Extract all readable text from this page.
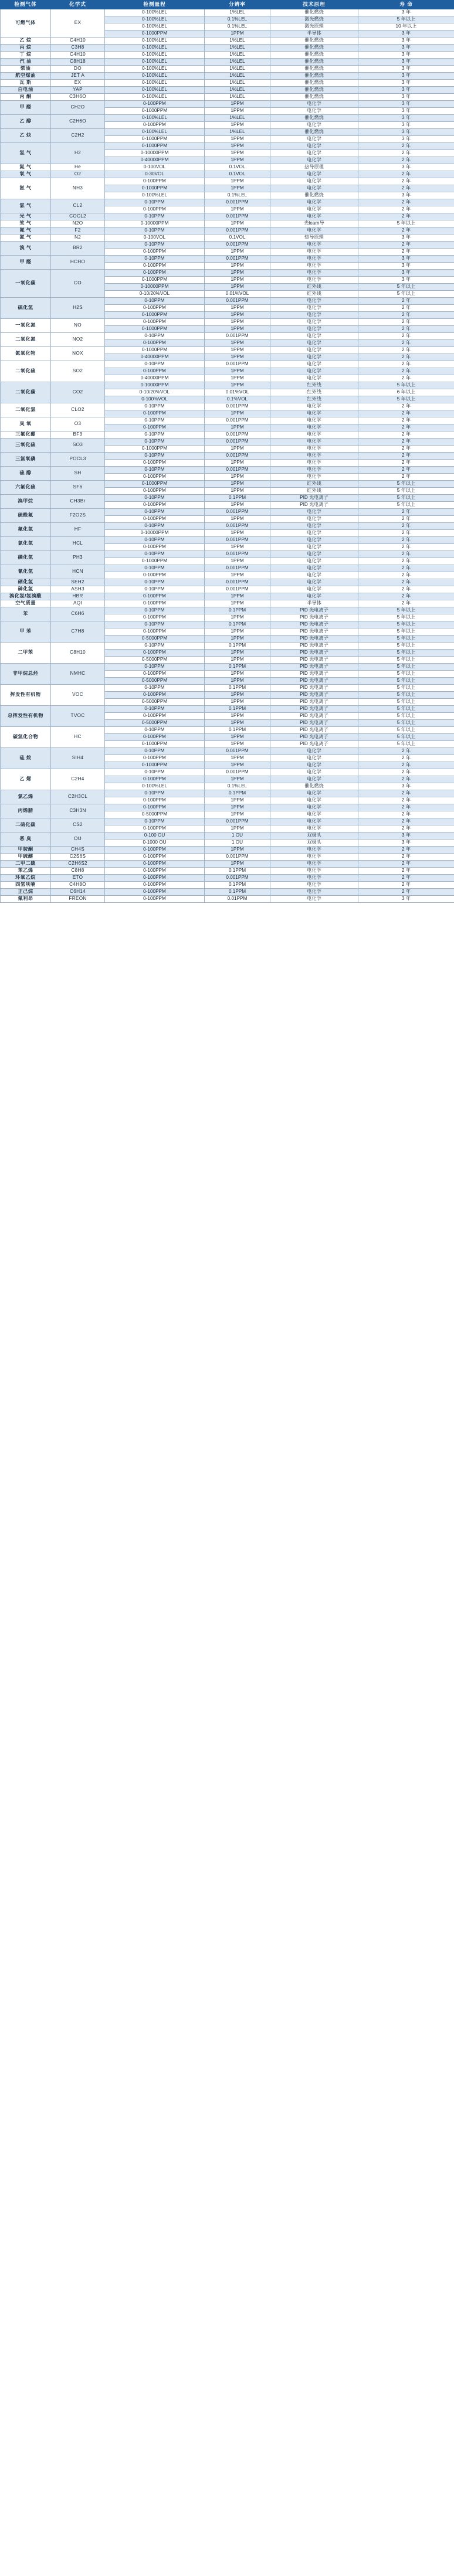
检测气体	化学式	检测量程	分辨率	技术原理	寿 命
可燃气体	EX	0-100%LEL	1%LEL	催化燃烧	3 年
		0-100%LEL	0.1%LEL	激光燃烧	5 年以上
		0-100%LEL	0.1%LEL	激光原理	10 年以上
		0-1000PPM	1PPM	半导体	3 年
乙 烷	C4H10	0-100%LEL	1%LEL	催化燃烧	3 年
丙 烷	C3H8	0-100%LEL	1%LEL	催化燃烧	3 年
丁 烷	C4H10	0-100%LEL	1%LEL	催化燃烧	3 年
汽 油	C8H18	0-100%LEL	1%LEL	催化燃烧	3 年
柴油	DO	0-100%LEL	1%LEL	催化燃烧	3 年
航空煤油	JET A	0-100%LEL	1%LEL	催化燃烧	3 年
瓦 斯	EX	0-100%LEL	1%LEL	催化燃烧	3 年
白电油	YAP	0-100%LEL	1%LEL	催化燃烧	3 年
丙 酮	C3H6O	0-100%LEL	1%LEL	催化燃烧	3 年
甲 醛	CH2O	0-100PPM	1PPM	电化学	3 年
		0-1000PPM	1PPM	电化学	3 年
乙 醇	C2H6O	0-100%LEL	1%LEL	催化燃烧	3 年
		0-100PPM	1PPM	电化学	3 年
乙 炔	C2H2	0-100%LEL	1%LEL	催化燃烧	3 年
		0-1000PPM	1PPM	电化学	3 年
氢 气	H2	0-1000PPM	1PPM	电化学	2 年
		0-10000PPM	1PPM	电化学	2 年
		0-40000PPM	1PPM	电化学	2 年
氦 气	He	0-100VOL	0.1VOL	热导原理	3 年
氧 气	O2	0-30VOL	0.1VOL	电化学	2 年
氨 气	NH3	0-100PPM	1PPM	电化学	2 年
		0-1000PPM	1PPM	电化学	2 年
		0-100%LEL	0.1%LEL	催化燃烧	3 年
氯 气	CL2	0-10PPM	0.001PPM	电化学	2 年
		0-100PPM	1PPM	电化学	2 年
光 气	COCL2	0-10PPM	0.001PPM	电化学	2 年
笑 气	N2O	0-10000PPM	1PPM	光learn导	5 年以上
氟 气	F2	0-10PPM	0.001PPM	电化学	2 年
氮 气	N2	0-100VOL	0.1VOL	热导原理	3 年
溴 气	BR2	0-10PPM	0.001PPM	电化学	2 年
		0-100PPM	1PPM	电化学	2 年
甲 醛	HCHO	0-10PPM	0.001PPM	电化学	3 年
		0-100PPM	1PPM	电化学	3 年
一氧化碳	CO	0-100PPM	1PPM	电化学	3 年
		0-1000PPM	1PPM	电化学	3 年
		0-10000PPM	1PPM	红外线	5 年以上
		0-10/20%VOL	0.01%VOL	红外线	5 年以上
硫化氢	H2S	0-10PPM	0.001PPM	电化学	2 年
		0-100PPM	1PPM	电化学	2 年
		0-1000PPM	1PPM	电化学	2 年
一氧化氮	NO	0-100PPM	1PPM	电化学	2 年
		0-1000PPM	1PPM	电化学	2 年
二氧化氮	NO2	0-10PPM	0.001PPM	电化学	2 年
		0-100PPM	1PPM	电化学	2 年
氮氧化物	NOX	0-1000PPM	1PPM	电化学	2 年
		0-40000PPM	1PPM	电化学	2 年
二氧化硫	SO2	0-10PPM	0.001PPM	电化学	2 年
		0-100PPM	1PPM	电化学	2 年
		0-40000PPM	1PPM	电化学	2 年
二氧化碳	CO2	0-10000PPM	1PPM	红外线	5 年以上
		0-10/20%VOL	0.01%VOL	红外线	6 年以上
		0-100%VOL	0.1%VOL	红外线	5 年以上
二氧化氯	CLO2	0-10PPM	0.001PPM	电化学	2 年
		0-100PPM	1PPM	电化学	2 年
臭 氧	O3	0-10PPM	0.001PPM	电化学	2 年
		0-100PPM	1PPM	电化学	2 年
三氟化硼	BF3	0-10PPM	0.001PPM	电化学	2 年
三氧化硫	SO3	0-10PPM	0.001PPM	电化学	2 年
		0-1000PPM	1PPM	电化学	2 年
三氯氧磷	POCL3	0-10PPM	0.001PPM	电化学	2 年
		0-100PPM	1PPM	电化学	2 年
硫 醇	SH	0-10PPM	0.001PPM	电化学	2 年
		0-100PPM	1PPM	电化学	2 年
六氟化硫	SF6	0-1000PPM	1PPM	红外线	5 年以上
		0-100PPM	1PPM	红外线	5 年以上
溴甲烷	CH3Br	0-10PPM	0.1PPM	PID 光电离子	5 年以上
		0-100PPM	1PPM	PID 光电离子	5 年以上
硫酰氟	F2O2S	0-10PPM	0.001PPM	电化学	2 年
		0-100PPM	1PPM	电化学	2 年
氟化氢	HF	0-10PPM	0.001PPM	电化学	2 年
		0-10000PPM	1PPM	电化学	2 年
氯化氢	HCL	0-10PPM	0.001PPM	电化学	2 年
		0-100PPM	1PPM	电化学	2 年
磷化氢	PH3	0-10PPM	0.001PPM	电化学	2 年
		0-1000PPM	1PPM	电化学	2 年
氰化氢	HCN	0-10PPM	0.001PPM	电化学	2 年
		0-100PPM	1PPM	电化学	2 年
硒化氢	SEH2	0-10PPM	0.001PPM	电化学	2 年
砷化氢	ASH3	0-10PPM	0.001PPM	电化学	2 年
溴化氢/氢溴酸	HBR	0-100PPM	1PPM	电化学	2 年
空气质量	AQI	0-100PPM	1PPM	半导体	2 年
苯	C6H6	0-10PPM	0.1PPM	PID 光电离子	5 年以上
		0-100PPM	1PPM	PID 光电离子	5 年以上
甲 苯	C7H8	0-10PPM	0.1PPM	PID 光电离子	5 年以上
		0-100PPM	1PPM	PID 光电离子	5 年以上
		0-5000PPM	1PPM	PID 光电离子	5 年以上
二甲苯	C8H10	0-10PPM	0.1PPM	PID 光电离子	5 年以上
		0-100PPM	1PPM	PID 光电离子	5 年以上
		0-5000PPM	1PPM	PID 光电离子	5 年以上
非甲烷总烃	NMHC	0-10PPM	0.1PPM	PID 光电离子	5 年以上
		0-100PPM	1PPM	PID 光电离子	5 年以上
		0-5000PPM	1PPM	PID 光电离子	5 年以上
挥发性有机物	VOC	0-10PPM	0.1PPM	PID 光电离子	5 年以上
		0-100PPM	1PPM	PID 光电离子	5 年以上
		0-5000PPM	1PPM	PID 光电离子	5 年以上
总挥发性有机物	TVOC	0-10PPM	0.1PPM	PID 光电离子	5 年以上
		0-100PPM	1PPM	PID 光电离子	5 年以上
		0-5000PPM	1PPM	PID 光电离子	5 年以上
碳氢化合物	HC	0-10PPM	0.1PPM	PID 光电离子	5 年以上
		0-100PPM	1PPM	PID 光电离子	5 年以上
		0-1000PPM	1PPM	PID 光电离子	5 年以上
硅 烷	SIH4	0-10PPM	0.001PPM	电化学	2 年
		0-100PPM	1PPM	电化学	2 年
		0-1000PPM	1PPM	电化学	2 年
乙 烯	C2H4	0-10PPM	0.001PPM	电化学	2 年
		0-100PPM	1PPM	电化学	2 年
		0-100%LEL	0.1%LEL	催化燃烧	3 年
氯乙烯	C2H3CL	0-10PPM	0.1PPM	电化学	2 年
		0-100PPM	1PPM	电化学	2 年
丙烯腈	C3H3N	0-100PPM	1PPM	电化学	2 年
		0-5000PPM	1PPM	电化学	2 年
二硫化碳	CS2	0-10PPM	0.001PPM	电化学	2 年
		0-100PPM	1PPM	电化学	2 年
恶 臭	OU	0-100 OU	1 OU	双极头	3 年
		0-1000 OU	1 OU	双极头	3 年
甲胺酮	CH4S	0-100PPM	1PPM	电化学	2 年
甲硫醚	C2S6S	0-100PPM	0.001PPM	电化学	2 年
二甲二硫	C2H6S2	0-100PPM	1PPM	电化学	2 年
苯乙烯	C8H8	0-100PPM	0.1PPM	电化学	2 年
环氧乙烷	ETO	0-100PPM	0.001PPM	电化学	2 年
四氢呋喃	C4H8O	0-100PPM	0.1PPM	电化学	2 年
正己烷	C6H14	0-100PPM	0.1PPM	电化学	2 年
氟利昂	FREON	0-100PPM	0.01PPM	电化学	3 年
